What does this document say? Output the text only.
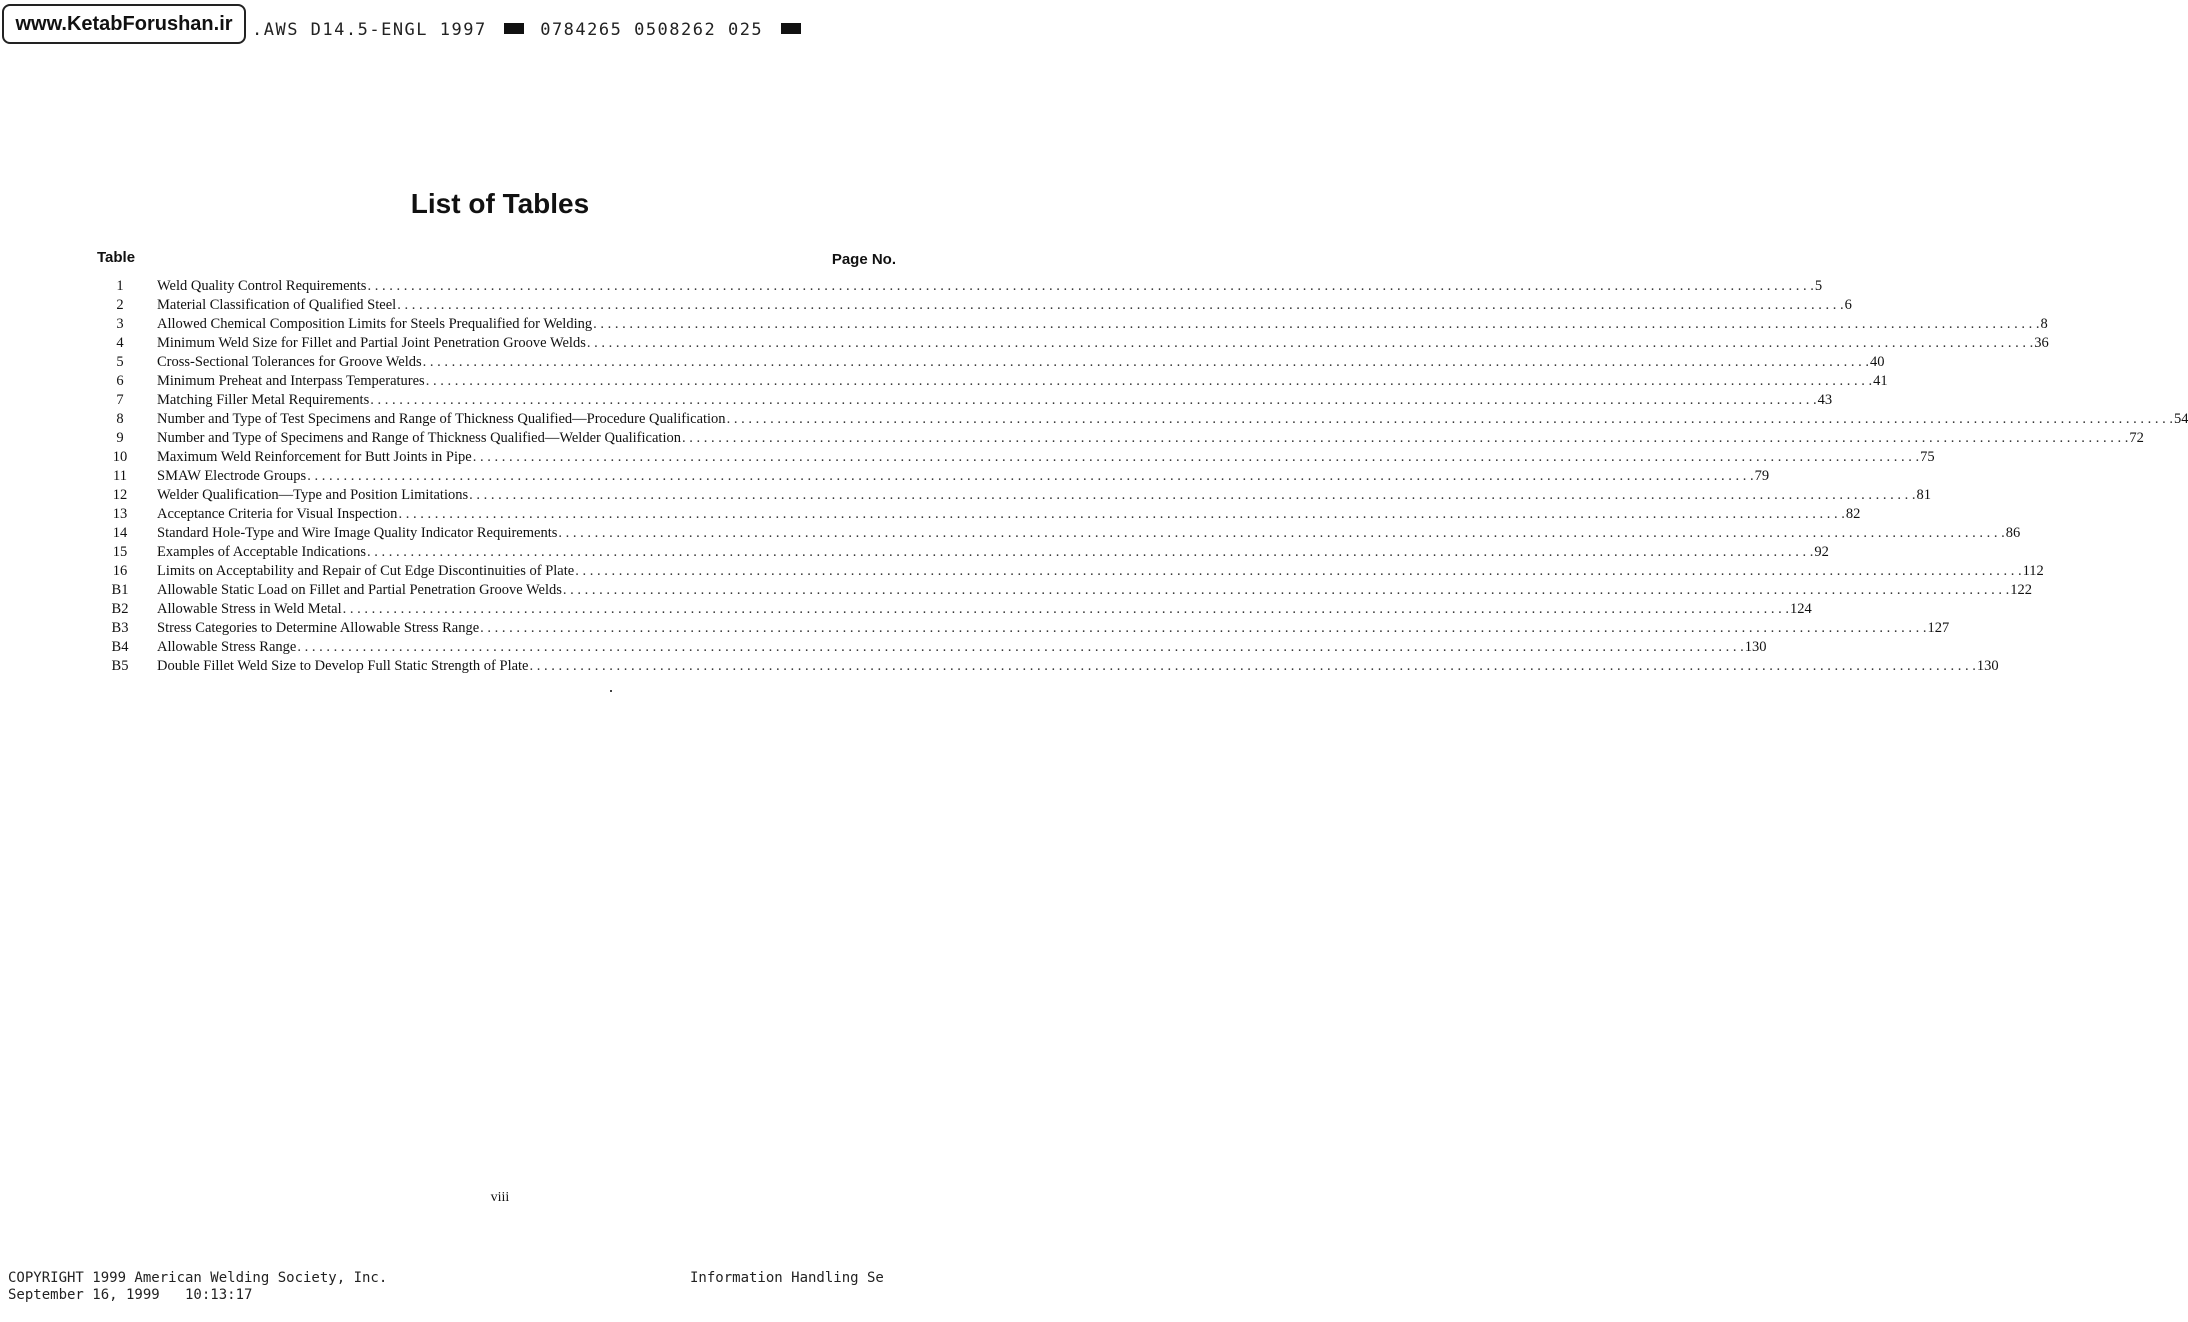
www.KetabForushan.ir .AWS D14.5-ENGL 1997	0784265 0508262 025
List of Tables
Table	Page No.
1	Weld Quality Control Requirements . . . . . . . . . . . . . . . . . . . . . . . . . . . . . . . . . . . . . . . . . . . . . . . . . . . . . . . . . . . . . . . . . . . . . . . . . . . . . . . . . . . . . . . . . . . . . . . . . . . . . . . . . . . . . . . . . . . . . . . . . . . . . . . . . . . . . . . . . . . . . . . . . . . . . . . . . . . . . . . . . . . . . . . . . . . . . . . . . . . . . . . . . . . . . . . . . . . . . . . . 5
2	Material Classification of Qualified Steel . . . . . . . . . . . . . . . . . . . . . . . . . . . . . . . . . . . . . . . . . . . . . . . . . . . . . . . . . . . . . . . . . . . . . . . . . . . . . . . . . . . . . . . . . . . . . . . . . . . . . . . . . . . . . . . . . . . . . . . . . . . . . . . . . . . . . . . . . . . . . . . . . . . . . . . . . . . . . . . . . . . . . . . . . . . . . . . . . . . . . . . . . . . . . . . . . . . . . . . . 6
3	Allowed Chemical Composition Limits for Steels Prequalified for Welding . . . . . . . . . . . . . . . . . . . . . . . . . . . . . . . . . . . . . . . . . . . . . . . . . . . . . . . . . . . . . . . . . . . . . . . . . . . . . . . . . . . . . . . . . . . . . . . . . . . . . . . . . . . . . . . . . . . . . . . . . . . . . . . . . . . . . . . . . . . . . . . . . . . . . . . . . . . . . . . . . . . . . . . . . . . . . . . . . . . . . . . . . . . . . . . . . . . . . . . . 8
4	Minimum Weld Size for Fillet and Partial Joint Penetration Groove Welds . . . . . . . . . . . . . . . . . . . . . . . . . . . . . . . . . . . . . . . . . . . . . . . . . . . . . . . . . . . . . . . . . . . . . . . . . . . . . . . . . . . . . . . . . . . . . . . . . . . . . . . . . . . . . . . . . . . . . . . . . . . . . . . . . . . . . . . . . . . . . . . . . . . . . . . . . . . . . . . . . . . . . . . . . . . . . . . . . . . . . . . . . . . . . . . . . . . . . . . . 36
5	Cross-Sectional Tolerances for Groove Welds . . . . . . . . . . . . . . . . . . . . . . . . . . . . . . . . . . . . . . . . . . . . . . . . . . . . . . . . . . . . . . . . . . . . . . . . . . . . . . . . . . . . . . . . . . . . . . . . . . . . . . . . . . . . . . . . . . . . . . . . . . . . . . . . . . . . . . . . . . . . . . . . . . . . . . . . . . . . . . . . . . . . . . . . . . . . . . . . . . . . . . . . . . . . . . . . . . . . . . . . 40
6	Minimum Preheat and Interpass Temperatures . . . . . . . . . . . . . . . . . . . . . . . . . . . . . . . . . . . . . . . . . . . . . . . . . . . . . . . . . . . . . . . . . . . . . . . . . . . . . . . . . . . . . . . . . . . . . . . . . . . . . . . . . . . . . . . . . . . . . . . . . . . . . . . . . . . . . . . . . . . . . . . . . . . . . . . . . . . . . . . . . . . . . . . . . . . . . . . . . . . . . . . . . . . . . . . . . . . . . . . . 41
7	Matching Filler Metal Requirements . . . . . . . . . . . . . . . . . . . . . . . . . . . . . . . . . . . . . . . . . . . . . . . . . . . . . . . . . . . . . . . . . . . . . . . . . . . . . . . . . . . . . . . . . . . . . . . . . . . . . . . . . . . . . . . . . . . . . . . . . . . . . . . . . . . . . . . . . . . . . . . . . . . . . . . . . . . . . . . . . . . . . . . . . . . . . . . . . . . . . . . . . . . . . . . . . . . . . . . . 43
8	Number and Type of Test Specimens and Range of Thickness Qualified—Procedure Qualification . . . . . . . . . . . . . . . . . . . . . . . . . . . . . . . . . . . . . . . . . . . . . . . . . . . . . . . . . . . . . . . . . . . . . . . . . . . . . . . . . . . . . . . . . . . . . . . . . . . . . . . . . . . . . . . . . . . . . . . . . . . . . . . . . . . . . . . . . . . . . . . . . . . . . . . . . . . . . . . . . . . . . . . . . . . . . . . . . . . . . . . . . . . . . . . . . . . . . . . . 54
9	Number and Type of Specimens and Range of Thickness Qualified—Welder Qualification . . . . . . . . . . . . . . . . . . . . . . . . . . . . . . . . . . . . . . . . . . . . . . . . . . . . . . . . . . . . . . . . . . . . . . . . . . . . . . . . . . . . . . . . . . . . . . . . . . . . . . . . . . . . . . . . . . . . . . . . . . . . . . . . . . . . . . . . . . . . . . . . . . . . . . . . . . . . . . . . . . . . . . . . . . . . . . . . . . . . . . . . . . . . . . . . . . . . . . . . 72
10	Maximum Weld Reinforcement for Butt Joints in Pipe . . . . . . . . . . . . . . . . . . . . . . . . . . . . . . . . . . . . . . . . . . . . . . . . . . . . . . . . . . . . . . . . . . . . . . . . . . . . . . . . . . . . . . . . . . . . . . . . . . . . . . . . . . . . . . . . . . . . . . . . . . . . . . . . . . . . . . . . . . . . . . . . . . . . . . . . . . . . . . . . . . . . . . . . . . . . . . . . . . . . . . . . . . . . . . . . . . . . . . . . 75
11	SMAW Electrode Groups . . . . . . . . . . . . . . . . . . . . . . . . . . . . . . . . . . . . . . . . . . . . . . . . . . . . . . . . . . . . . . . . . . . . . . . . . . . . . . . . . . . . . . . . . . . . . . . . . . . . . . . . . . . . . . . . . . . . . . . . . . . . . . . . . . . . . . . . . . . . . . . . . . . . . . . . . . . . . . . . . . . . . . . . . . . . . . . . . . . . . . . . . . . . . . . . . . . . . . . . 79
12	Welder Qualification—Type and Position Limitations . . . . . . . . . . . . . . . . . . . . . . . . . . . . . . . . . . . . . . . . . . . . . . . . . . . . . . . . . . . . . . . . . . . . . . . . . . . . . . . . . . . . . . . . . . . . . . . . . . . . . . . . . . . . . . . . . . . . . . . . . . . . . . . . . . . . . . . . . . . . . . . . . . . . . . . . . . . . . . . . . . . . . . . . . . . . . . . . . . . . . . . . . . . . . . . . . . . . . . . . 81
13	Acceptance Criteria for Visual Inspection . . . . . . . . . . . . . . . . . . . . . . . . . . . . . . . . . . . . . . . . . . . . . . . . . . . . . . . . . . . . . . . . . . . . . . . . . . . . . . . . . . . . . . . . . . . . . . . . . . . . . . . . . . . . . . . . . . . . . . . . . . . . . . . . . . . . . . . . . . . . . . . . . . . . . . . . . . . . . . . . . . . . . . . . . . . . . . . . . . . . . . . . . . . . . . . . . . . . . . . . 82
14	Standard Hole-Type and Wire Image Quality Indicator Requirements . . . . . . . . . . . . . . . . . . . . . . . . . . . . . . . . . . . . . . . . . . . . . . . . . . . . . . . . . . . . . . . . . . . . . . . . . . . . . . . . . . . . . . . . . . . . . . . . . . . . . . . . . . . . . . . . . . . . . . . . . . . . . . . . . . . . . . . . . . . . . . . . . . . . . . . . . . . . . . . . . . . . . . . . . . . . . . . . . . . . . . . . . . . . . . . . . . . . . . . . 86
15	Examples of Acceptable Indications . . . . . . . . . . . . . . . . . . . . . . . . . . . . . . . . . . . . . . . . . . . . . . . . . . . . . . . . . . . . . . . . . . . . . . . . . . . . . . . . . . . . . . . . . . . . . . . . . . . . . . . . . . . . . . . . . . . . . . . . . . . . . . . . . . . . . . . . . . . . . . . . . . . . . . . . . . . . . . . . . . . . . . . . . . . . . . . . . . . . . . . . . . . . . . . . . . . . . . . . 92
16	Limits on Acceptability and Repair of Cut Edge Discontinuities of Plate . . . . . . . . . . . . . . . . . . . . . . . . . . . . . . . . . . . . . . . . . . . . . . . . . . . . . . . . . . . . . . . . . . . . . . . . . . . . . . . . . . . . . . . . . . . . . . . . . . . . . . . . . . . . . . . . . . . . . . . . . . . . . . . . . . . . . . . . . . . . . . . . . . . . . . . . . . . . . . . . . . . . . . . . . . . . . . . . . . . . . . . . . . . . . . . . . . . . . . . . 112
B1	Allowable Static Load on Fillet and Partial Penetration Groove Welds . . . . . . . . . . . . . . . . . . . . . . . . . . . . . . . . . . . . . . . . . . . . . . . . . . . . . . . . . . . . . . . . . . . . . . . . . . . . . . . . . . . . . . . . . . . . . . . . . . . . . . . . . . . . . . . . . . . . . . . . . . . . . . . . . . . . . . . . . . . . . . . . . . . . . . . . . . . . . . . . . . . . . . . . . . . . . . . . . . . . . . . . . . . . . . . . . . . . . . . . 122
B2	Allowable Stress in Weld Metal . . . . . . . . . . . . . . . . . . . . . . . . . . . . . . . . . . . . . . . . . . . . . . . . . . . . . . . . . . . . . . . . . . . . . . . . . . . . . . . . . . . . . . . . . . . . . . . . . . . . . . . . . . . . . . . . . . . . . . . . . . . . . . . . . . . . . . . . . . . . . . . . . . . . . . . . . . . . . . . . . . . . . . . . . . . . . . . . . . . . . . . . . . . . . . . . . . . . . . . . 124
B3	Stress Categories to Determine Allowable Stress Range . . . . . . . . . . . . . . . . . . . . . . . . . . . . . . . . . . . . . . . . . . . . . . . . . . . . . . . . . . . . . . . . . . . . . . . . . . . . . . . . . . . . . . . . . . . . . . . . . . . . . . . . . . . . . . . . . . . . . . . . . . . . . . . . . . . . . . . . . . . . . . . . . . . . . . . . . . . . . . . . . . . . . . . . . . . . . . . . . . . . . . . . . . . . . . . . . . . . . . . . 127
B4	Allowable Stress Range . . . . . . . . . . . . . . . . . . . . . . . . . . . . . . . . . . . . . . . . . . . . . . . . . . . . . . . . . . . . . . . . . . . . . . . . . . . . . . . . . . . . . . . . . . . . . . . . . . . . . . . . . . . . . . . . . . . . . . . . . . . . . . . . . . . . . . . . . . . . . . . . . . . . . . . . . . . . . . . . . . . . . . . . . . . . . . . . . . . . . . . . . . . . . . . . . . . . . . . . 130
B5	Double Fillet Weld Size to Develop Full Static Strength of Plate . . . . . . . . . . . . . . . . . . . . . . . . . . . . . . . . . . . . . . . . . . . . . . . . . . . . . . . . . . . . . . . . . . . . . . . . . . . . . . . . . . . . . . . . . . . . . . . . . . . . . . . . . . . . . . . . . . . . . . . . . . . . . . . . . . . . . . . . . . . . . . . . . . . . . . . . . . . . . . . . . . . . . . . . . . . . . . . . . . . . . . . . . . . . . . . . . . . . . . . . 130
viii
COPYRIGHT 1999 American Welding Society, Inc.
September 16, 1999   10:13:17
Information Handling Se
